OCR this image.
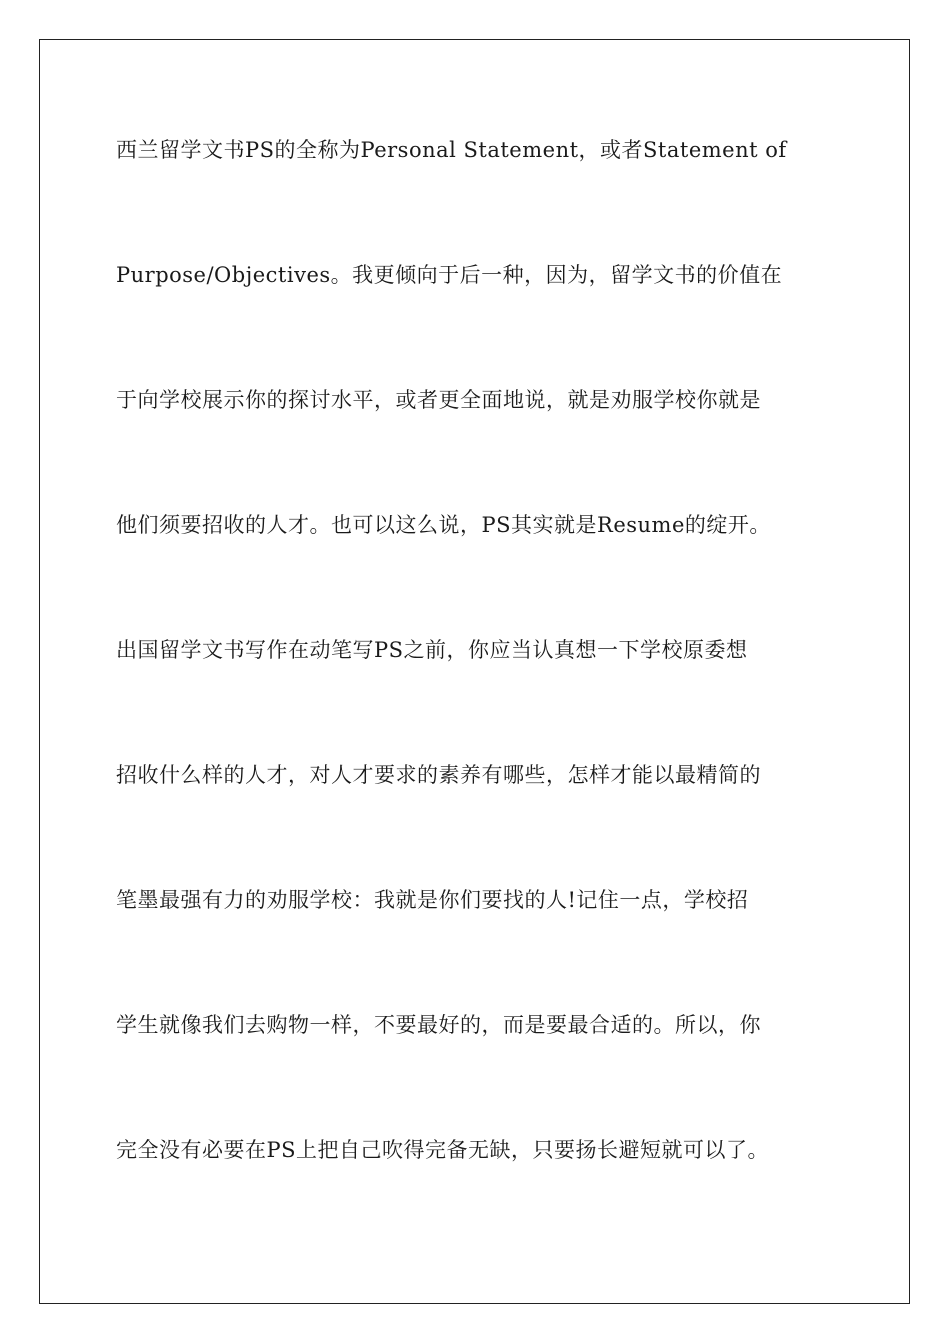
西兰留学文书PS的全称为Personal Statement，或者Statement of
Purpose/Objectives。我更倾向于后一种，因为，留学文书的价值在
于向学校展示你的探讨水平，或者更全面地说，就是劝服学校你就是
他们须要招收的人才。也可以这么说，PS其实就是Resume的绽开。
出国留学文书写作在动笔写PS之前，你应当认真想一下学校原委想
招收什么样的人才，对人才要求的素养有哪些，怎样才能以最精简的
笔墨最强有力的劝服学校：我就是你们要找的人!记住一点，学校招
学生就像我们去购物一样，不要最好的，而是要最合适的。所以，你
完全没有必要在PS上把自己吹得完备无缺，只要扬长避短就可以了。
